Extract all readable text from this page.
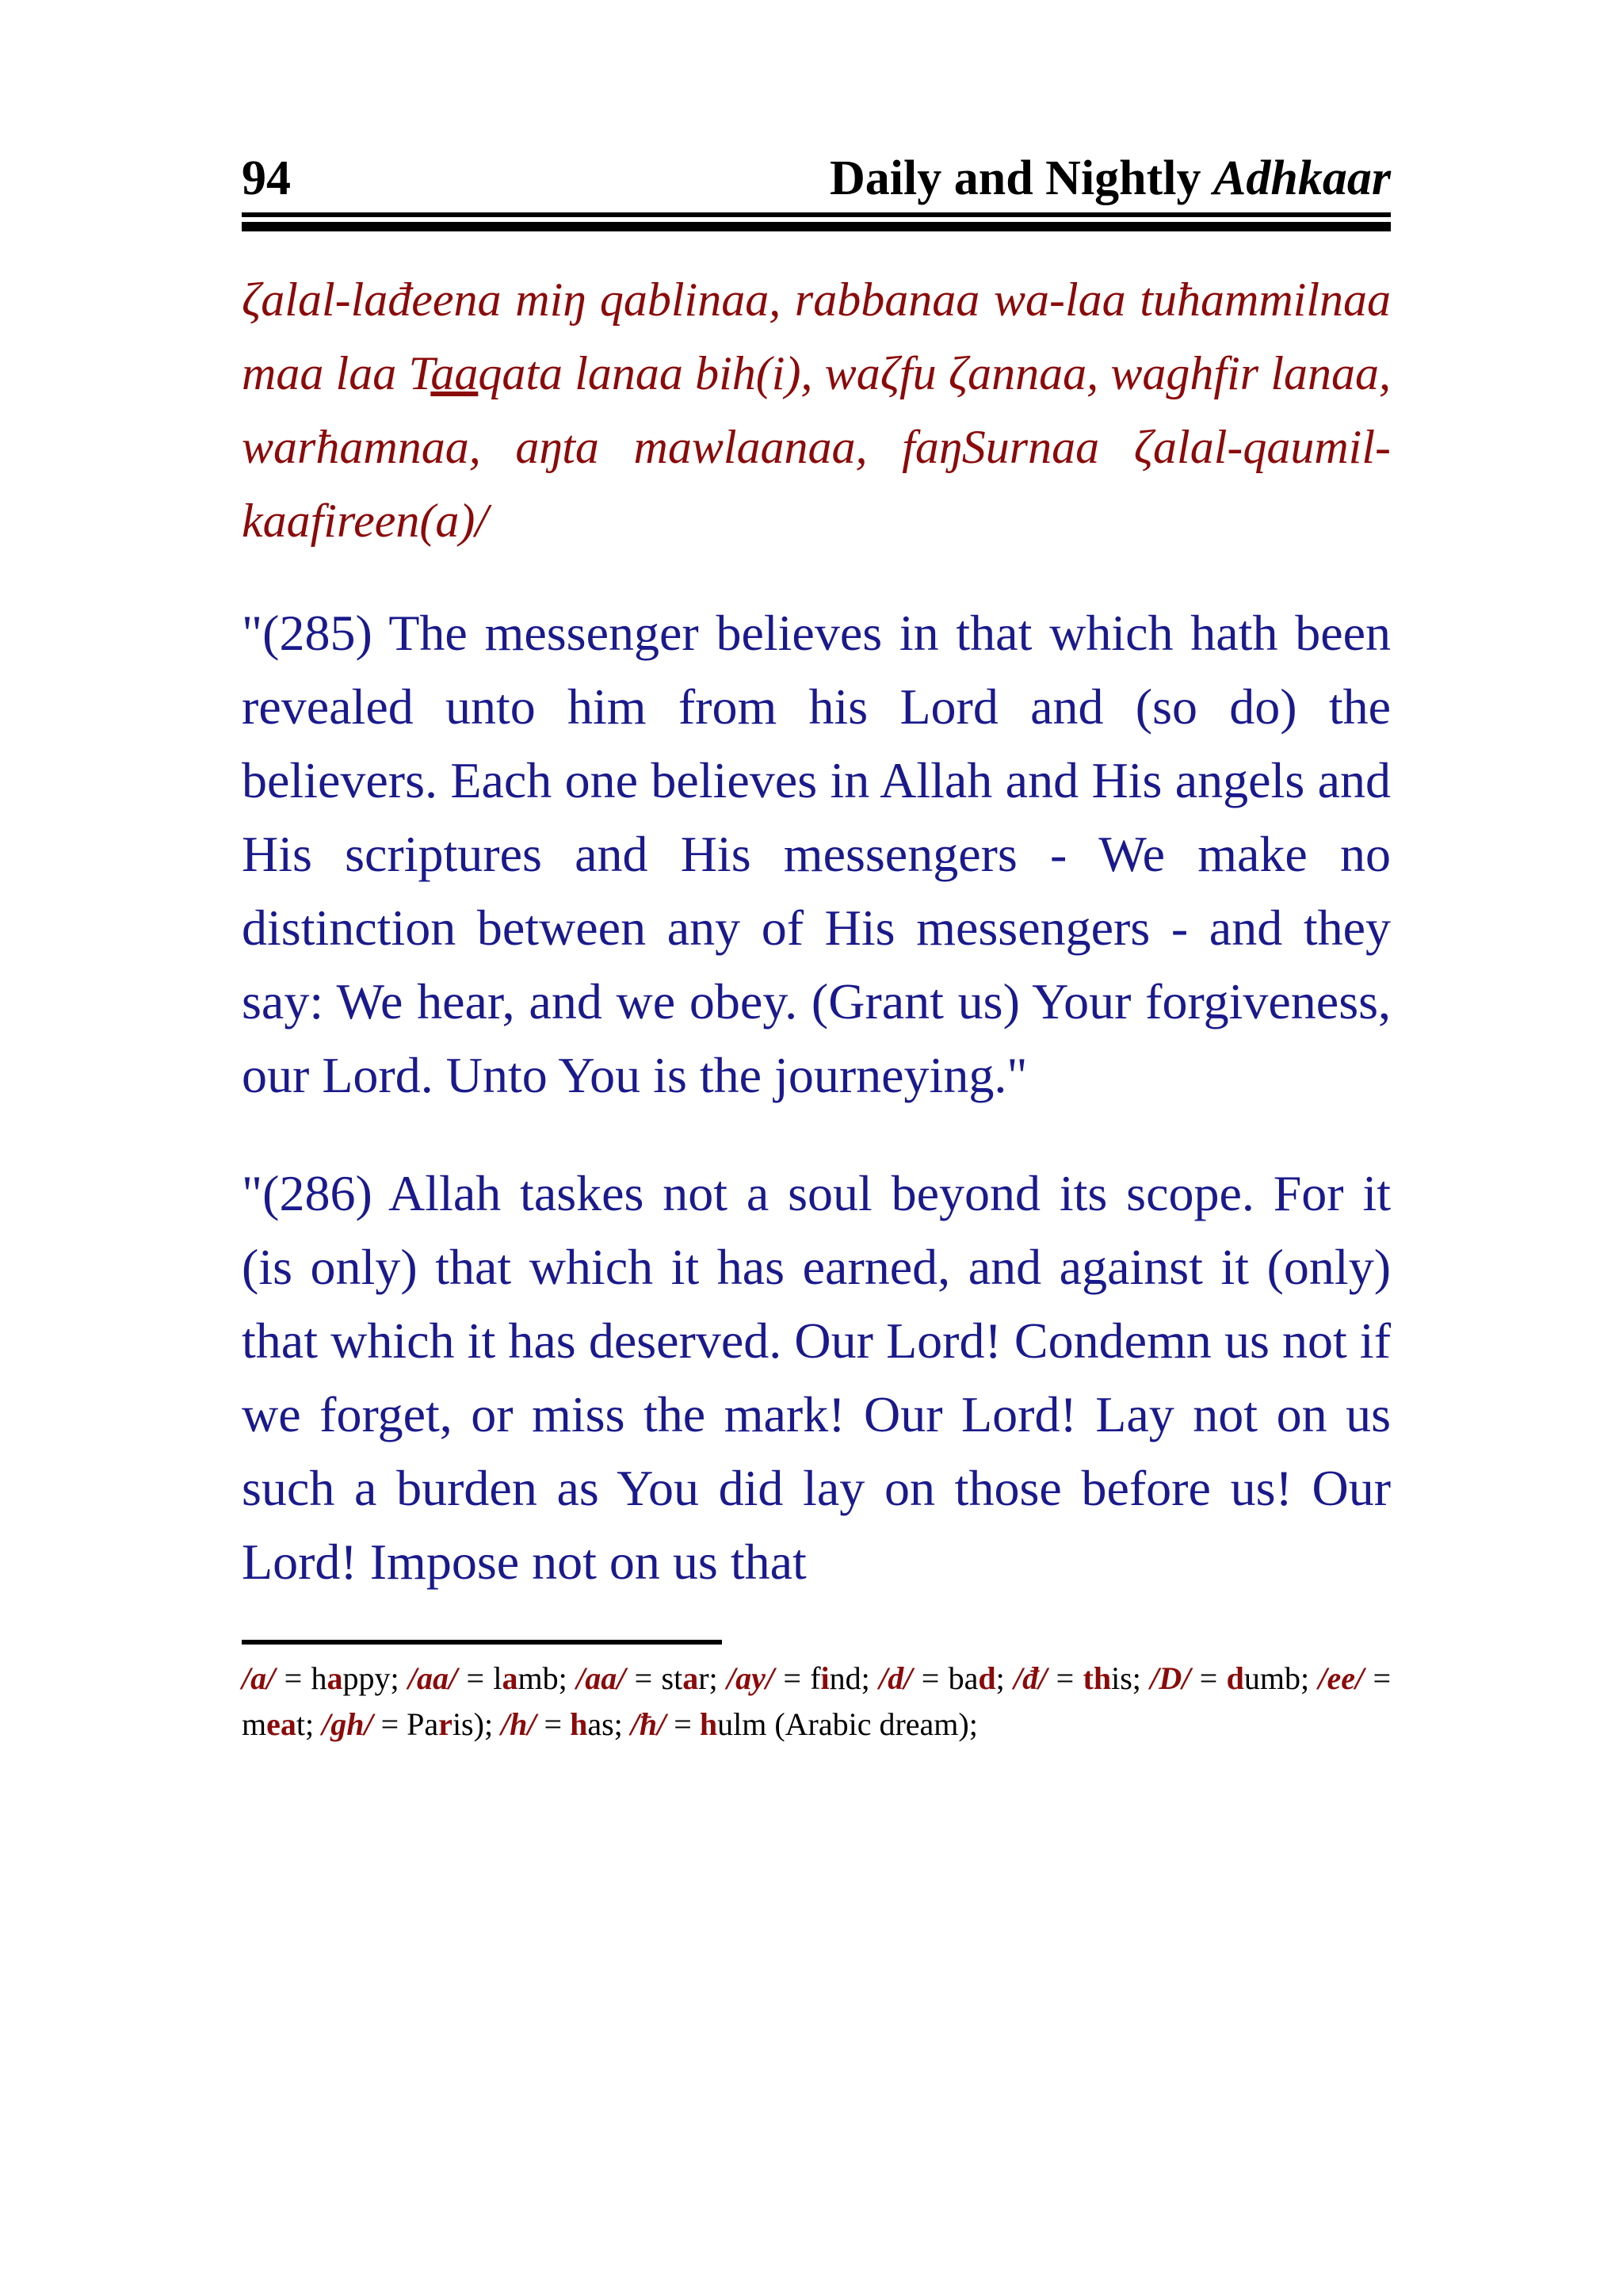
94	Daily and Nightly Adhkaar
ζalal-lađeena miŋ qablinaa, rabbanaa wa-laa tuħammilnaa maa laa Taaqata lanaa bih(i), waζfu ζannaa, waghfir lanaa, warħamnaa, aŋta mawlaanaa, faŋSurnaa ζalal-qaumil-kaafireen(a)/
"(285) The messenger believes in that which hath been revealed unto him from his Lord and (so do) the believers. Each one believes in Allah and His angels and His scriptures and His messengers - We make no distinction between any of His messengers - and they say: We hear, and we obey. (Grant us) Your forgiveness, our Lord. Unto You is the journeying."
"(286) Allah taskes not a soul beyond its scope. For it (is only) that which it has earned, and against it (only) that which it has deserved. Our Lord! Condemn us not if we forget, or miss the mark! Our Lord! Lay not on us such a burden as You did lay on those before us! Our Lord! Impose not on us that
/a/ = happy; /aa/ = lamb; /aa/ = star; /ay/ = find; /d/ = bad; /đ/ = this; /D/ = dumb; /ee/ = meat; /gh/ = Paris); /h/ = has; /ħ/ = hulm (Arabic dream);
